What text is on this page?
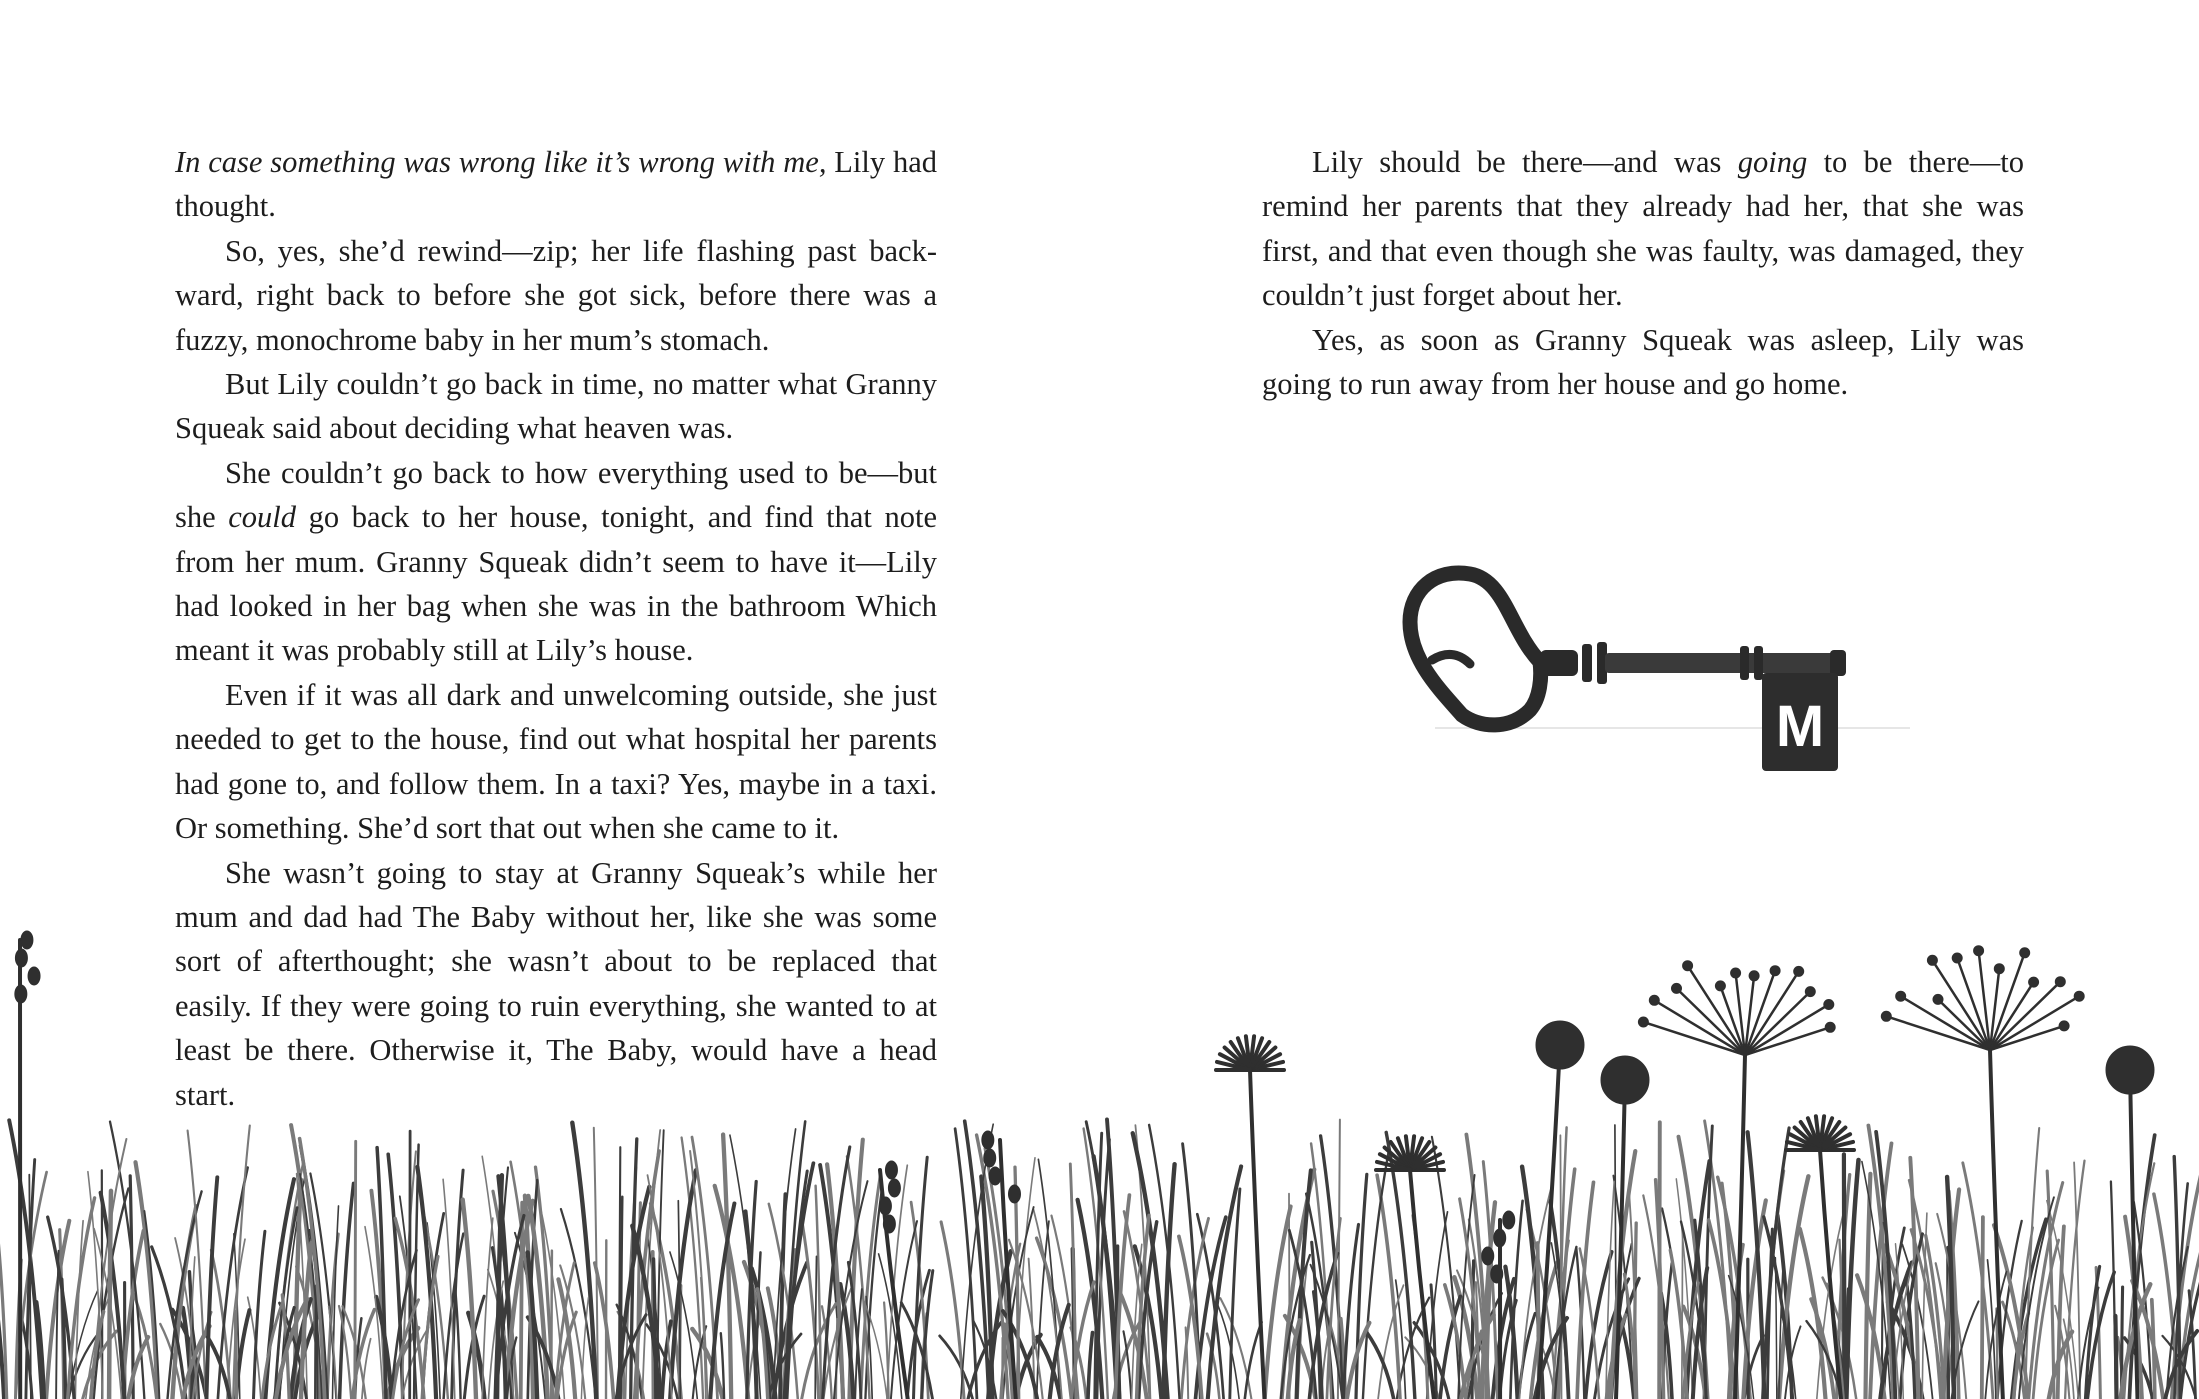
In case something was wrong like it’s wrong with me, Lily had thought.

So, yes, she’d rewind—zip; her life flashing past backward, right back to before she got sick, before there was a fuzzy, monochrome baby in her mum’s stomach.

But Lily couldn’t go back in time, no matter what Granny Squeak said about deciding what heaven was.

She couldn’t go back to how everything used to be—but she could go back to her house, tonight, and find that note from her mum. Granny Squeak didn’t seem to have it—Lily had looked in her bag when she was in the bathroom Which meant it was probably still at Lily’s house.

Even if it was all dark and unwelcoming outside, she just needed to get to the house, find out what hospital her parents had gone to, and follow them. In a taxi? Yes, maybe in a taxi. Or something. She’d sort that out when she came to it.

She wasn’t going to stay at Granny Squeak’s while her mum and dad had The Baby without her, like she was some sort of afterthought; she wasn’t about to be replaced that easily. If they were going to ruin everything, she wanted to at least be there. Otherwise it, The Baby, would have a head start.

Lily should be there—and was going to be there—to remind her parents that they already had her, that she was first, and that even though she was faulty, was damaged, they couldn’t just forget about her.

Yes, as soon as Granny Squeak was asleep, Lily was going to run away from her house and go home.

M
